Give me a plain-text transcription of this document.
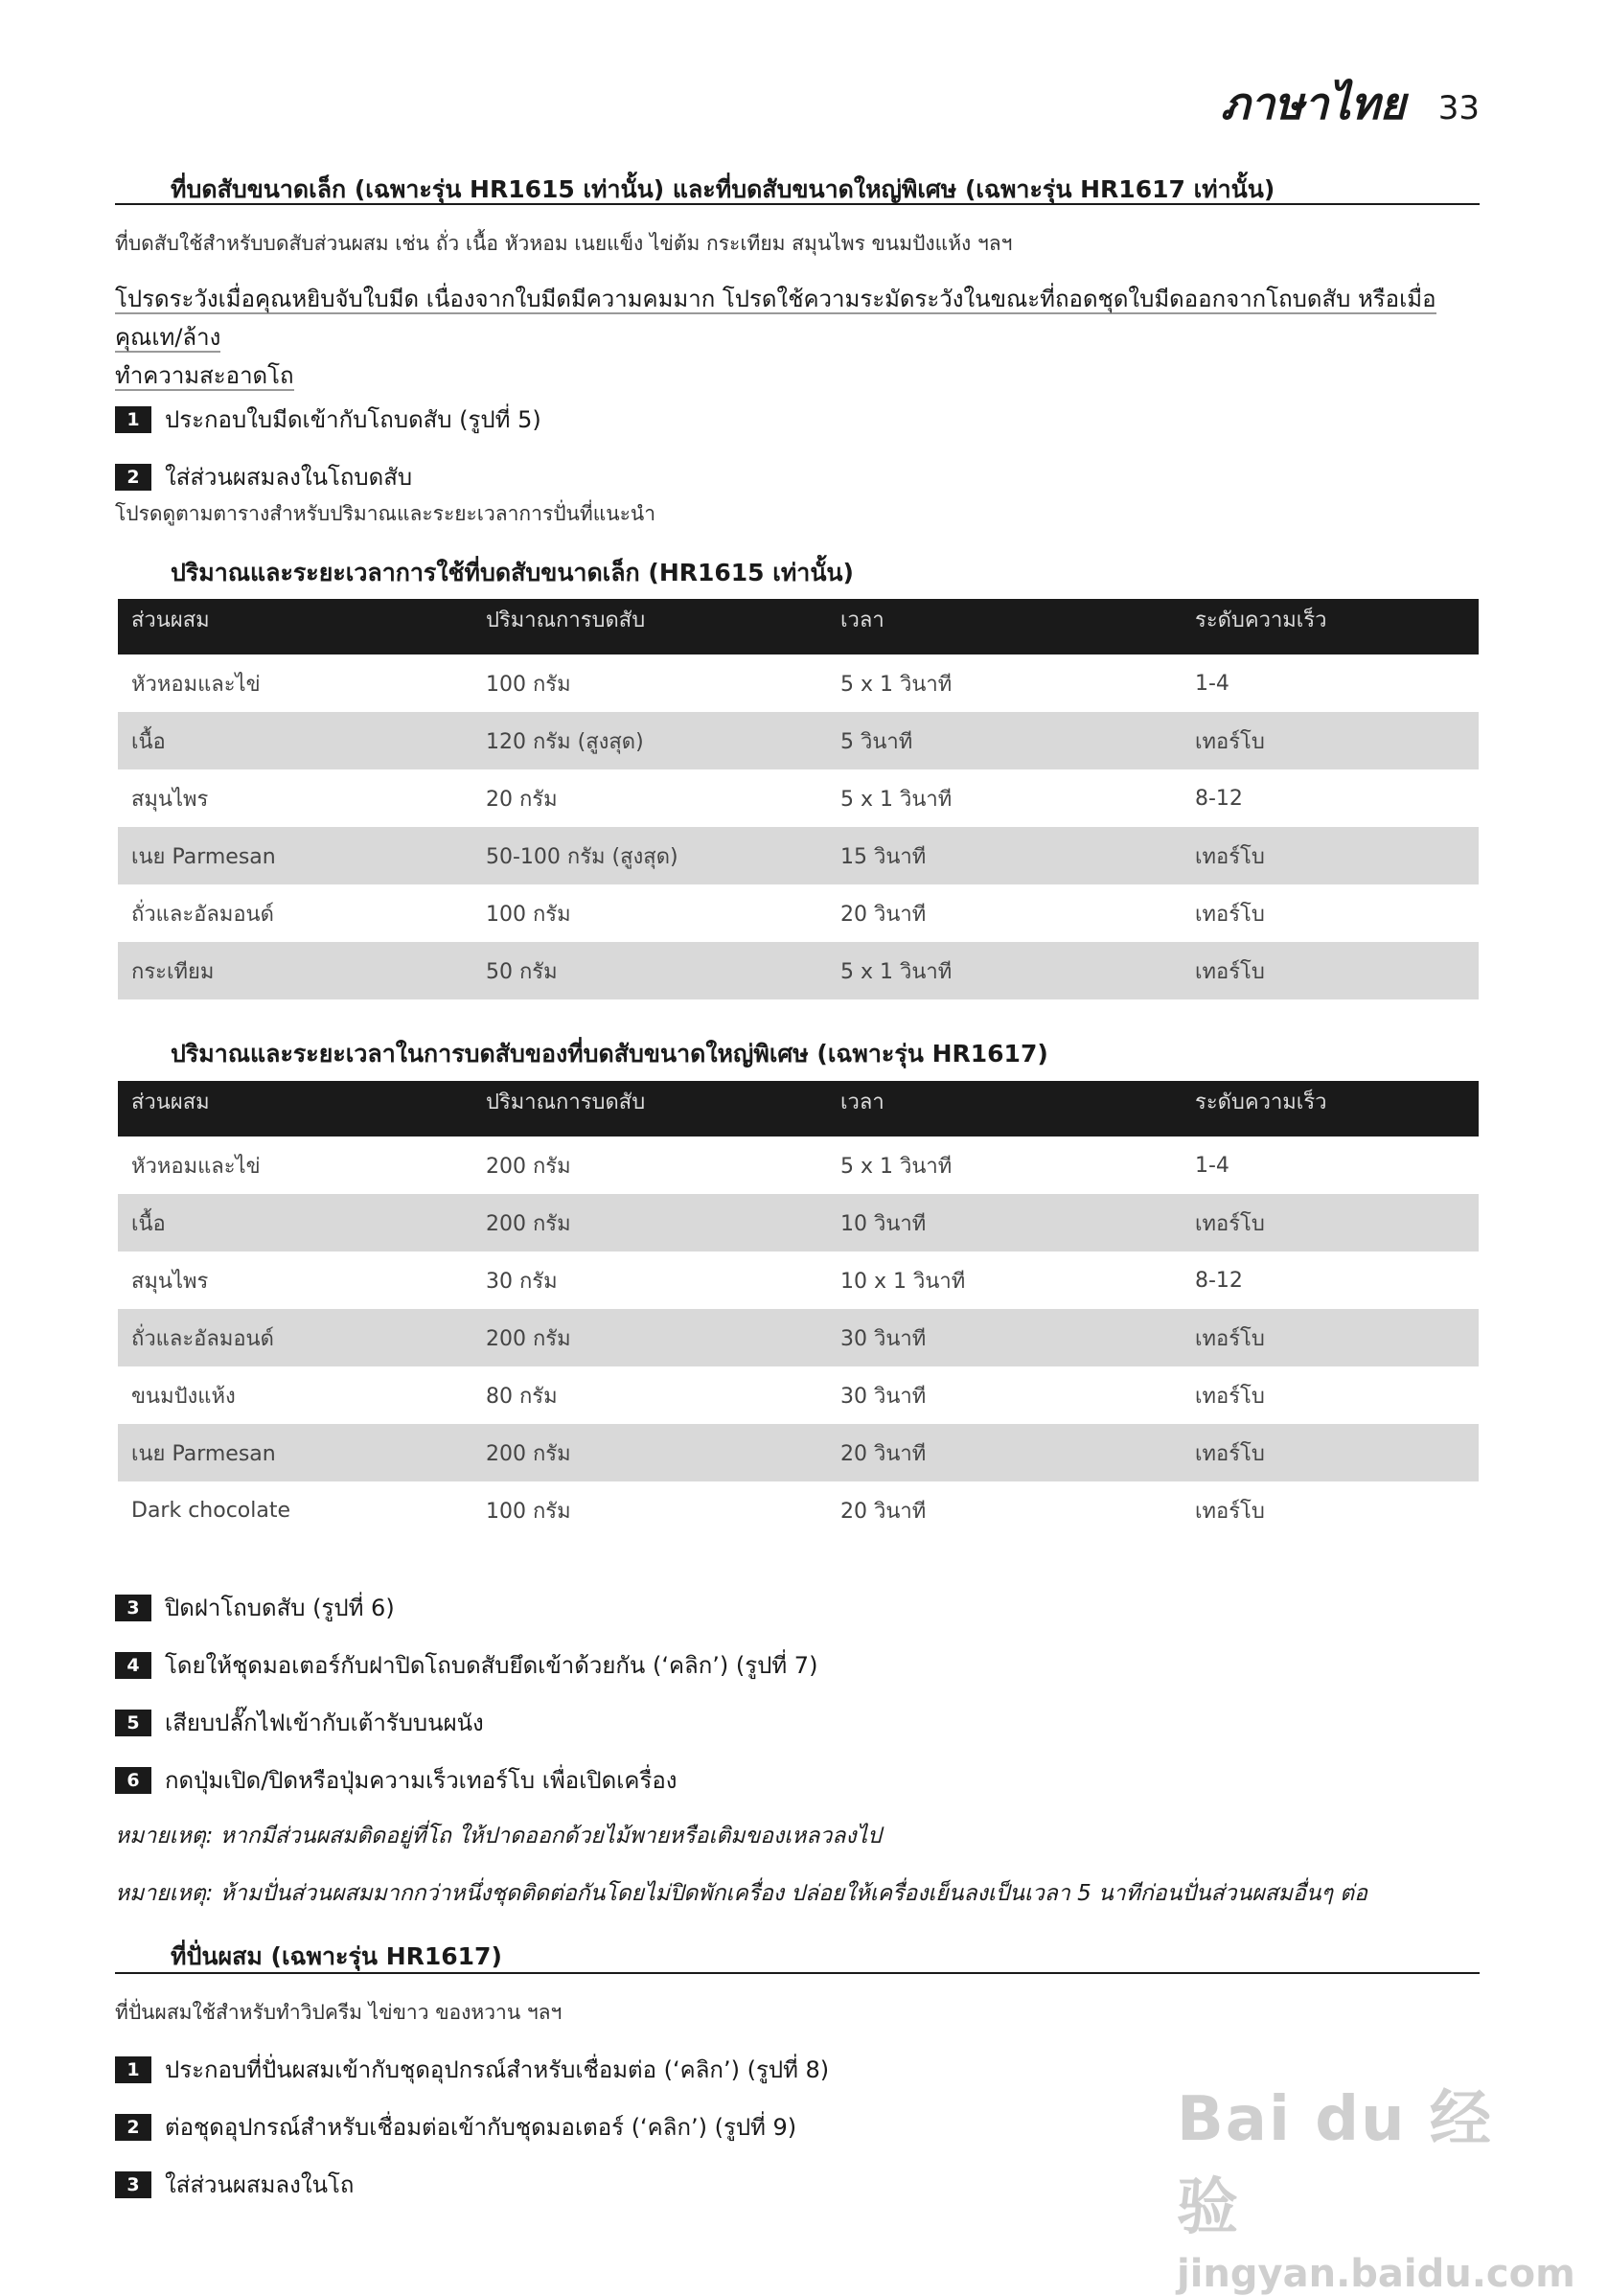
ภาษาไทย 33
ที่บดสับขนาดเล็ก (เฉพาะรุ่น HR1615 เท่านั้น) และที่บดสับขนาดใหญ่พิเศษ (เฉพาะรุ่น HR1617 เท่านั้น)
ที่บดสับใช้สำหรับบดสับส่วนผสม เช่น ถั่ว เนื้อ หัวหอม เนยแข็ง ไข่ต้ม กระเทียม สมุนไพร ขนมปังแห้ง ฯลฯ
โปรดระวังเมื่อคุณหยิบจับใบมีด เนื่องจากใบมีดมีความคมมาก โปรดใช้ความระมัดระวังในขณะที่ถอดชุดใบมีดออกจากโถบดสับ หรือเมื่อคุณเท/ล้าง
ทำความสะอาดโถ
1	ประกอบใบมีดเข้ากับโถบดสับ (รูปที่ 5)
2	ใส่ส่วนผสมลงในโถบดสับ
โปรดดูตามตารางสำหรับปริมาณและระยะเวลาการปั่นที่แนะนำ
ปริมาณและระยะเวลาการใช้ที่บดสับขนาดเล็ก (HR1615 เท่านั้น)
ส่วนผสม	ปริมาณการบดสับ	เวลา	ระดับความเร็ว
หัวหอมและไข่	100 กรัม	5 x 1 วินาที	1-4
เนื้อ	120 กรัม (สูงสุด)	5 วินาที	เทอร์โบ
สมุนไพร	20 กรัม	5 x 1 วินาที	8-12
เนย Parmesan	50-100 กรัม (สูงสุด)	15 วินาที	เทอร์โบ
ถั่วและอัลมอนด์	100 กรัม	20 วินาที	เทอร์โบ
กระเทียม	50 กรัม	5 x 1 วินาที	เทอร์โบ
ปริมาณและระยะเวลาในการบดสับของที่บดสับขนาดใหญ่พิเศษ (เฉพาะรุ่น HR1617)
ส่วนผสม	ปริมาณการบดสับ	เวลา	ระดับความเร็ว
หัวหอมและไข่	200 กรัม	5 x 1 วินาที	1-4
เนื้อ	200 กรัม	10 วินาที	เทอร์โบ
สมุนไพร	30 กรัม	10 x 1 วินาที	8-12
ถั่วและอัลมอนด์	200 กรัม	30 วินาที	เทอร์โบ
ขนมปังแห้ง	80 กรัม	30 วินาที	เทอร์โบ
เนย Parmesan	200 กรัม	20 วินาที	เทอร์โบ
Dark chocolate	100 กรัม	20 วินาที	เทอร์โบ
3	ปิดฝาโถบดสับ (รูปที่ 6)
4	โดยให้ชุดมอเตอร์กับฝาปิดโถบดสับยึดเข้าด้วยกัน (‘คลิก’) (รูปที่ 7)
5	เสียบปลั๊กไฟเข้ากับเต้ารับบนผนัง
6	กดปุ่มเปิด/ปิดหรือปุ่มความเร็วเทอร์โบ เพื่อเปิดเครื่อง
หมายเหตุ: หากมีส่วนผสมติดอยู่ที่โถ ให้ปาดออกด้วยไม้พายหรือเติมของเหลวลงไป
หมายเหตุ: ห้ามปั่นส่วนผสมมากกว่าหนึ่งชุดติดต่อกันโดยไม่ปิดพักเครื่อง ปล่อยให้เครื่องเย็นลงเป็นเวลา 5 นาทีก่อนปั่นส่วนผสมอื่นๆ ต่อ
ที่ปั่นผสม (เฉพาะรุ่น HR1617)
ที่ปั่นผสมใช้สำหรับทำวิปครีม ไข่ขาว ของหวาน ฯลฯ
1	ประกอบที่ปั่นผสมเข้ากับชุดอุปกรณ์สำหรับเชื่อมต่อ (‘คลิก’) (รูปที่ 8)
2	ต่อชุดอุปกรณ์สำหรับเชื่อมต่อเข้ากับชุดมอเตอร์ (‘คลิก’) (รูปที่ 9)
3	ใส่ส่วนผสมลงในโถ
Bai du 经验
jingyan.baidu.com
